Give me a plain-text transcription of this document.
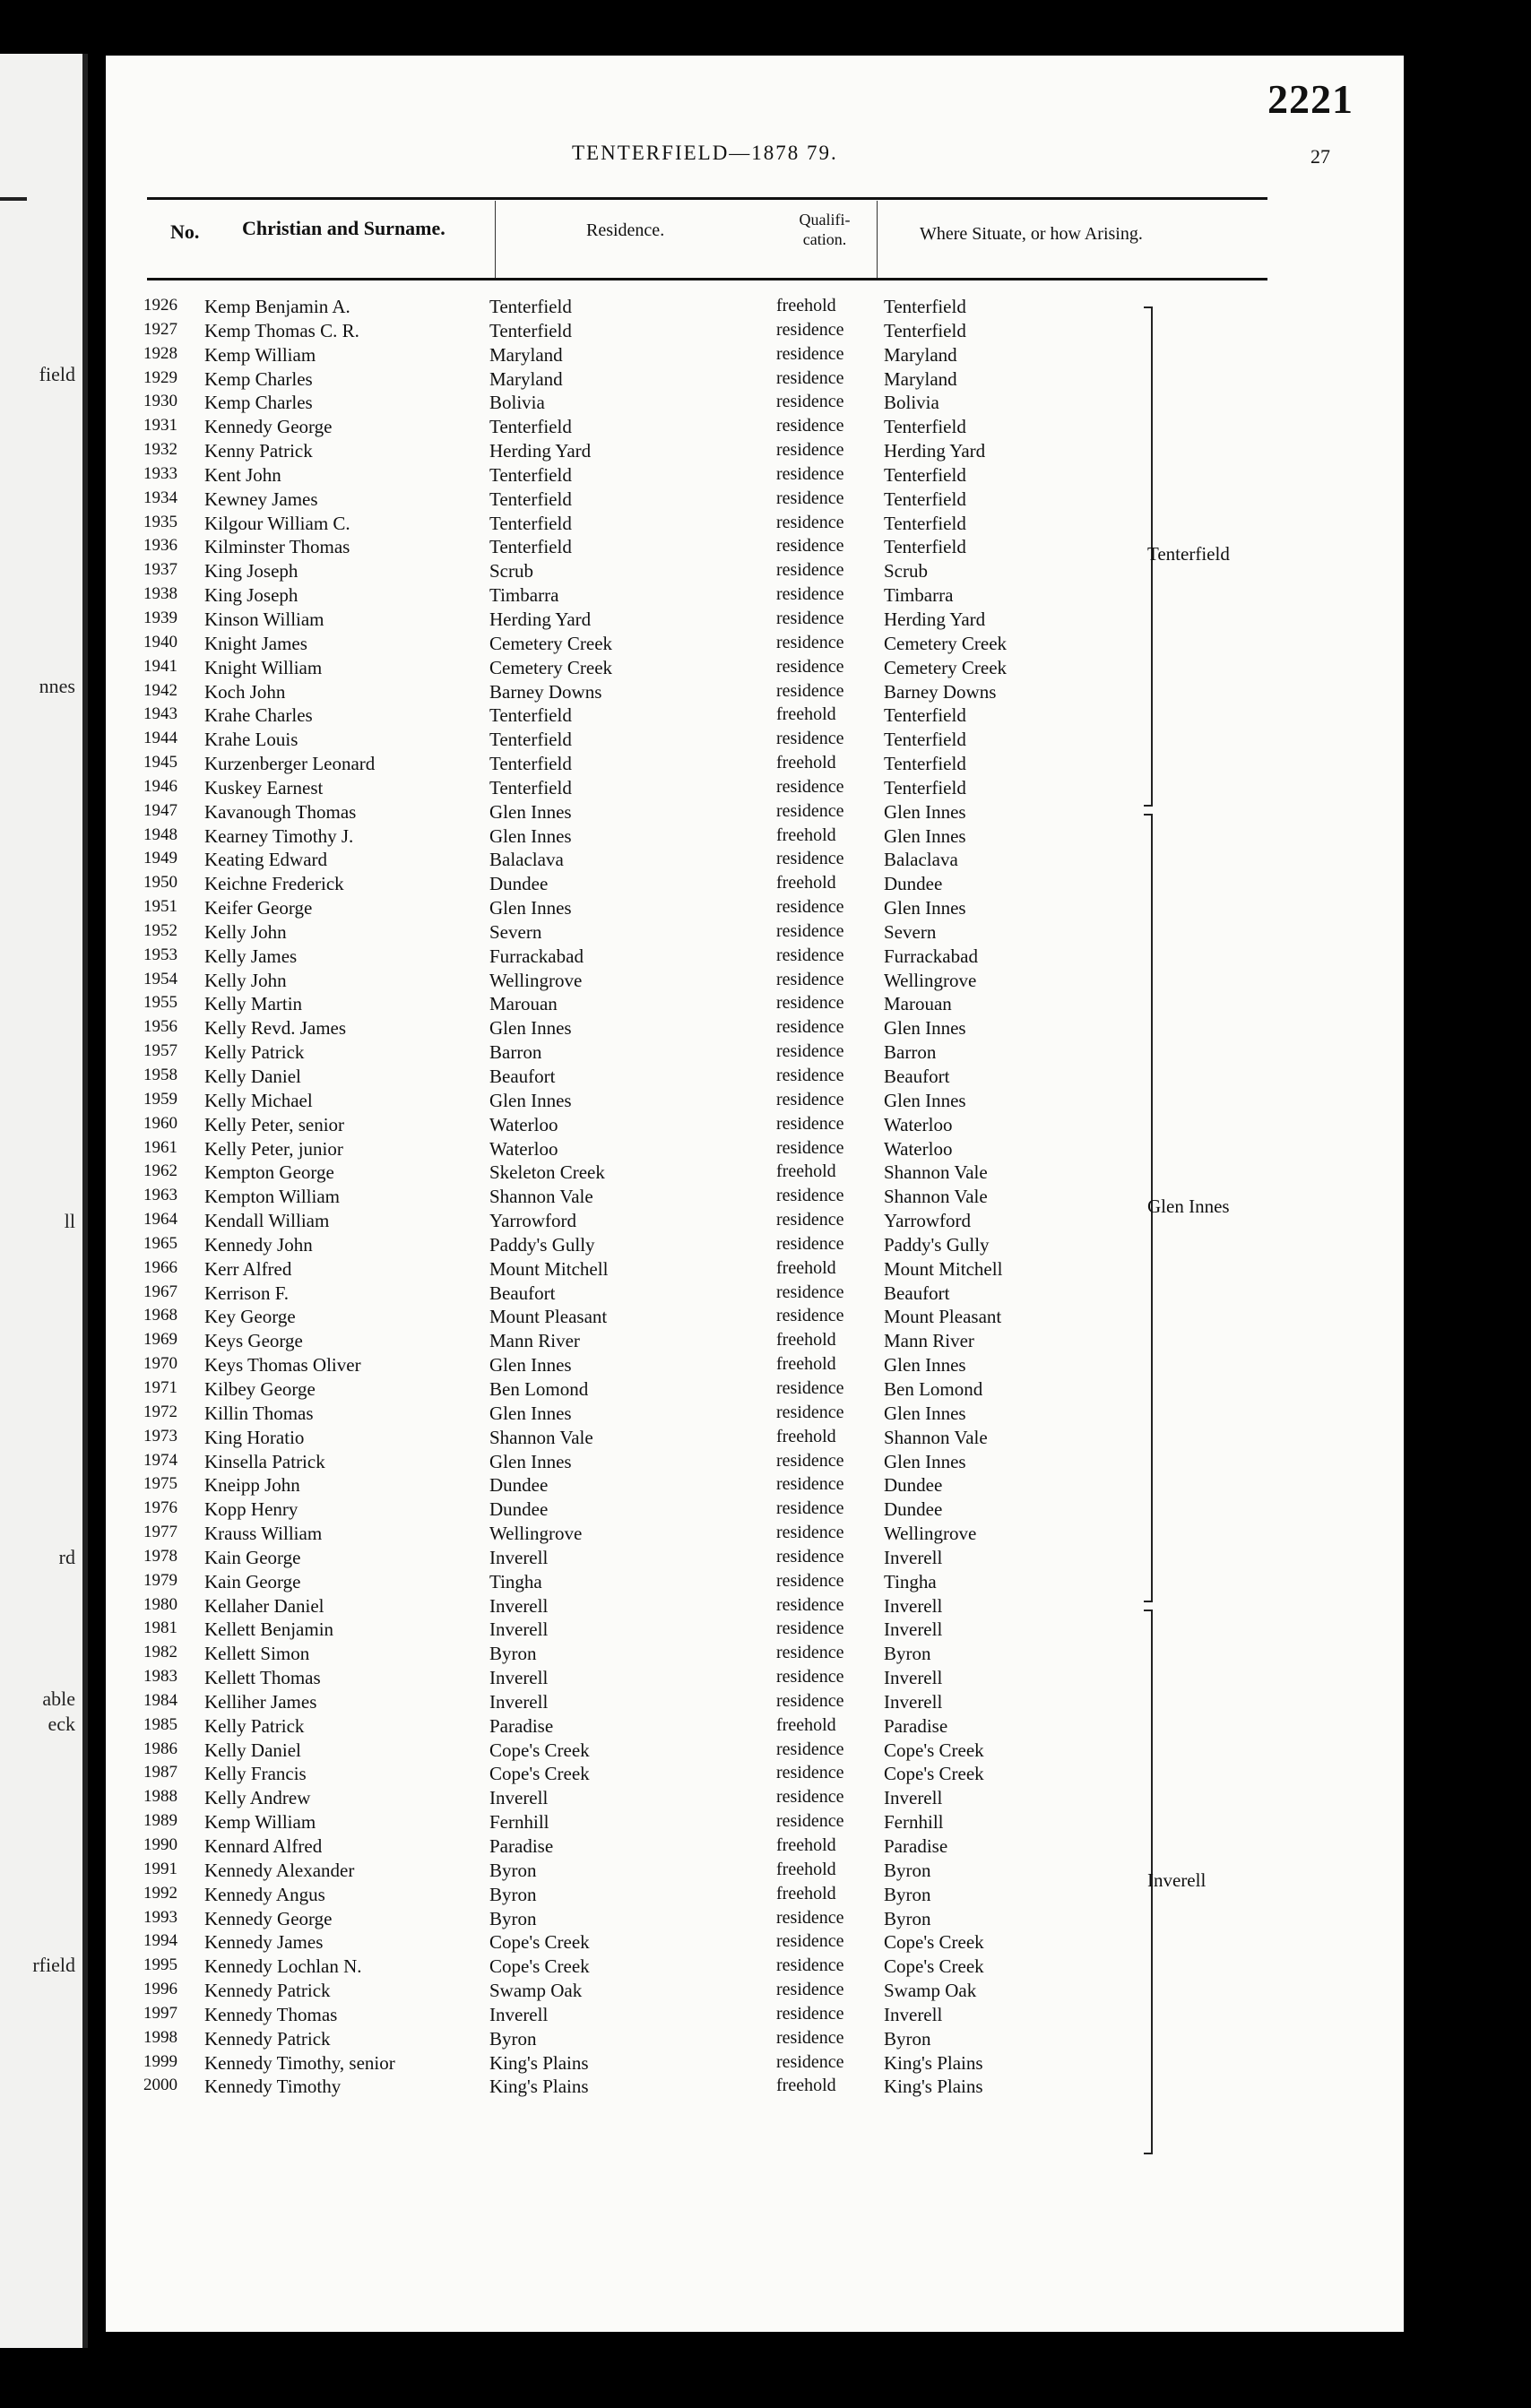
field
nnes
ll
rd
able
eck
rfield
2221
TENTERFIELD—1878 79.	27
No. Christian and Surname.	Residence.
Qualifi-
cation.	Where Situate, or how Arising.
1926 Kemp Benjamin A.	Tenterfield	freehold	Tenterfield
1927 Kemp Thomas C. R.	Tenterfield	residence Tenterfield
1928 Kemp William	Maryland	residence Maryland
1929 Kemp Charles	Maryland	residence Maryland
1930 Kemp Charles	Bolivia	residence Bolivia
1931 Kennedy George	Tenterfield	residence Tenterfield
1932 Kenny Patrick	Herding Yard	residence Herding Yard
1933 Kent John	Tenterfield	residence Tenterfield
1934 Kewney James	Tenterfield	residence Tenterfield
1935 Kilgour William C.	Tenterfield	residence Tenterfield
1936 Kilminster Thomas	Tenterfield	residence Tenterfield
1937 King Joseph	Scrub	residence Scrub
1938 King Joseph	Timbarra	residence Timbarra
1939 Kinson William	Herding Yard	residence Herding Yard
1940 Knight James	Cemetery Creek	residence Cemetery Creek
1941 Knight William	Cemetery Creek	residence Cemetery Creek
1942 Koch John	Barney Downs	residence Barney Downs
1943 Krahe Charles	Tenterfield	freehold	Tenterfield
1944 Krahe Louis	Tenterfield	residence Tenterfield
1945 Kurzenberger Leonard	Tenterfield	freehold	Tenterfield
1946 Kuskey Earnest	Tenterfield	residence Tenterfield
1947 Kavanough Thomas	Glen Innes	residence Glen Innes
1948 Kearney Timothy J.	Glen Innes	freehold	Glen Innes
1949 Keating Edward	Balaclava	residence Balaclava
1950 Keichne Frederick	Dundee	freehold	Dundee
1951 Keifer George	Glen Innes	residence Glen Innes
1952 Kelly John	Severn	residence Severn
1953 Kelly James	Furrackabad	residence Furrackabad
1954 Kelly John	Wellingrove	residence Wellingrove
1955 Kelly Martin	Marouan	residence Marouan
1956 Kelly Revd. James	Glen Innes	residence Glen Innes
1957 Kelly Patrick	Barron	residence Barron
1958 Kelly Daniel	Beaufort	residence Beaufort
1959 Kelly Michael	Glen Innes	residence Glen Innes
1960 Kelly Peter, senior	Waterloo	residence Waterloo
1961 Kelly Peter, junior	Waterloo	residence Waterloo
1962 Kempton George	Skeleton Creek	freehold	Shannon Vale
1963 Kempton William	Shannon Vale	residence Shannon Vale
1964 Kendall William	Yarrowford	residence Yarrowford
1965 Kennedy John	Paddy's Gully	residence Paddy's Gully
1966 Kerr Alfred	Mount Mitchell	freehold	Mount Mitchell
1967 Kerrison F.	Beaufort	residence Beaufort
1968 Key George	Mount Pleasant	residence Mount Pleasant
1969 Keys George	Mann River	freehold	Mann River
1970 Keys Thomas Oliver	Glen Innes	freehold	Glen Innes
1971 Kilbey George	Ben Lomond	residence Ben Lomond
1972 Killin Thomas	Glen Innes	residence Glen Innes
1973 King Horatio	Shannon Vale	freehold	Shannon Vale
1974 Kinsella Patrick	Glen Innes	residence Glen Innes
1975 Kneipp John	Dundee	residence Dundee
1976 Kopp Henry	Dundee	residence Dundee
1977 Krauss William	Wellingrove	residence Wellingrove
1978 Kain George	Inverell	residence Inverell
1979 Kain George	Tingha	residence Tingha
1980 Kellaher Daniel	Inverell	residence Inverell
1981 Kellett Benjamin	Inverell	residence Inverell
1982 Kellett Simon	Byron	residence Byron
1983 Kellett Thomas	Inverell	residence Inverell
1984 Kelliher James	Inverell	residence Inverell
1985 Kelly Patrick	Paradise	freehold	Paradise
1986 Kelly Daniel	Cope's Creek	residence Cope's Creek
1987 Kelly Francis	Cope's Creek	residence Cope's Creek
1988 Kelly Andrew	Inverell	residence Inverell
1989 Kemp William	Fernhill	residence Fernhill
1990 Kennard Alfred	Paradise	freehold	Paradise
1991 Kennedy Alexander	Byron	freehold	Byron
1992 Kennedy Angus	Byron	freehold	Byron
1993 Kennedy George	Byron	residence Byron
1994 Kennedy James	Cope's Creek	residence Cope's Creek
1995 Kennedy Lochlan N.	Cope's Creek	residence Cope's Creek
1996 Kennedy Patrick	Swamp Oak	residence Swamp Oak
1997 Kennedy Thomas	Inverell	residence Inverell
1998 Kennedy Patrick	Byron	residence Byron
1999 Kennedy Timothy, senior	King's Plains	residence King's Plains
2000 Kennedy Timothy	King's Plains	freehold	King's Plains
Tenterfield
Glen Innes
Inverell
